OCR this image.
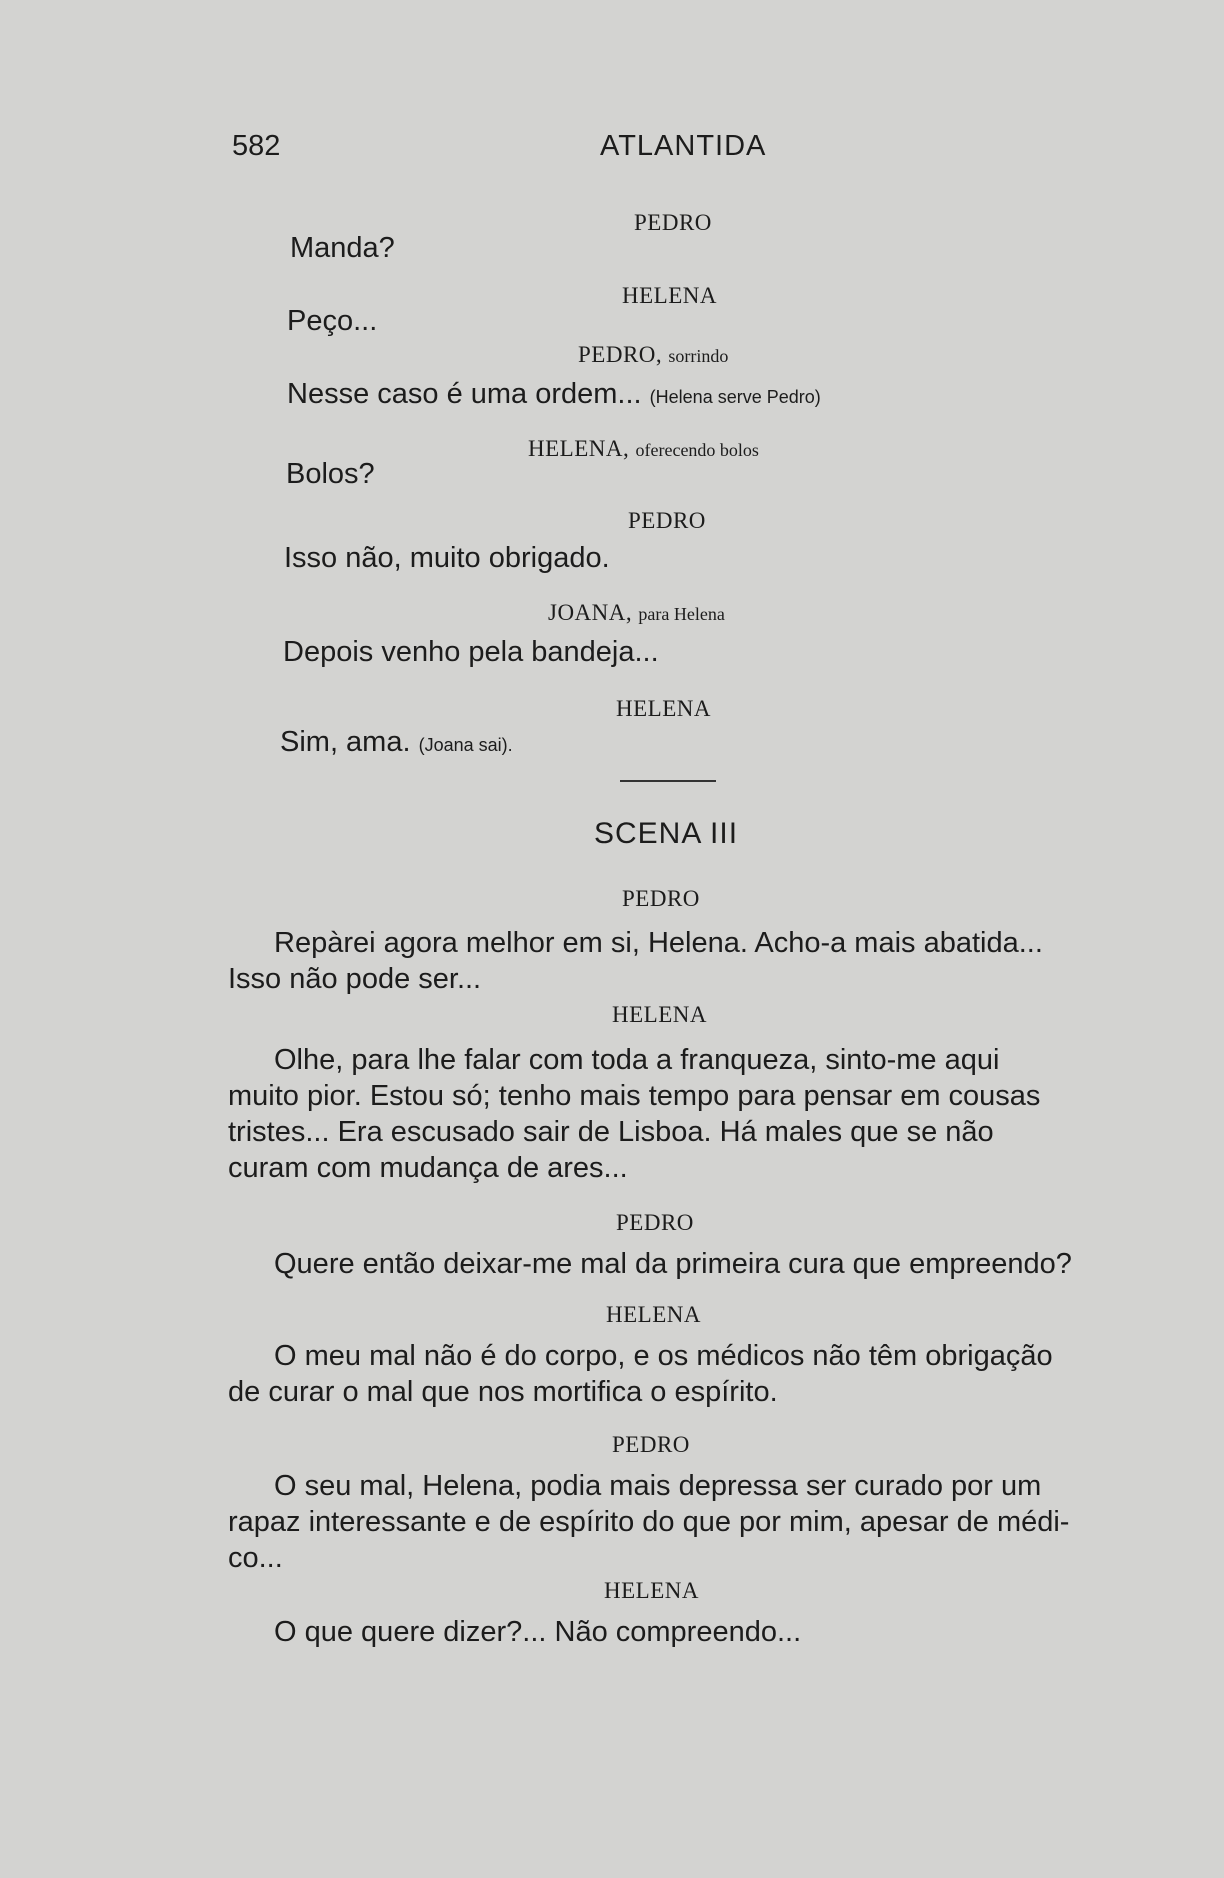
582	ATLANTIDA
PEDRO
Manda?
HELENA
Peço...
PEDRO, sorrindo
Nesse caso é uma ordem... (Helena serve Pedro)
HELENA, oferecendo bolos
Bolos?
PEDRO
Isso não, muito obrigado.
JOANA, para Helena
Depois venho pela bandeja...
HELENA
Sim, ama. (Joana sai).
SCENA III
PEDRO
Repàrei agora melhor em si, Helena. Acho-a mais abatida...
Isso não pode ser...
HELENA
Olhe, para lhe falar com toda a franqueza, sinto-me aqui
muito pior. Estou só; tenho mais tempo para pensar em cousas
tristes... Era escusado sair de Lisboa. Há males que se não
curam com mudança de ares...
PEDRO
Quere então deixar-me mal da primeira cura que empreendo?
HELENA
O meu mal não é do corpo, e os médicos não têm obrigação
de curar o mal que nos mortifica o espírito.
PEDRO
O seu mal, Helena, podia mais depressa ser curado por um
rapaz interessante e de espírito do que por mim, apesar de médi-
co...
HELENA
O que quere dizer?... Não compreendo...
